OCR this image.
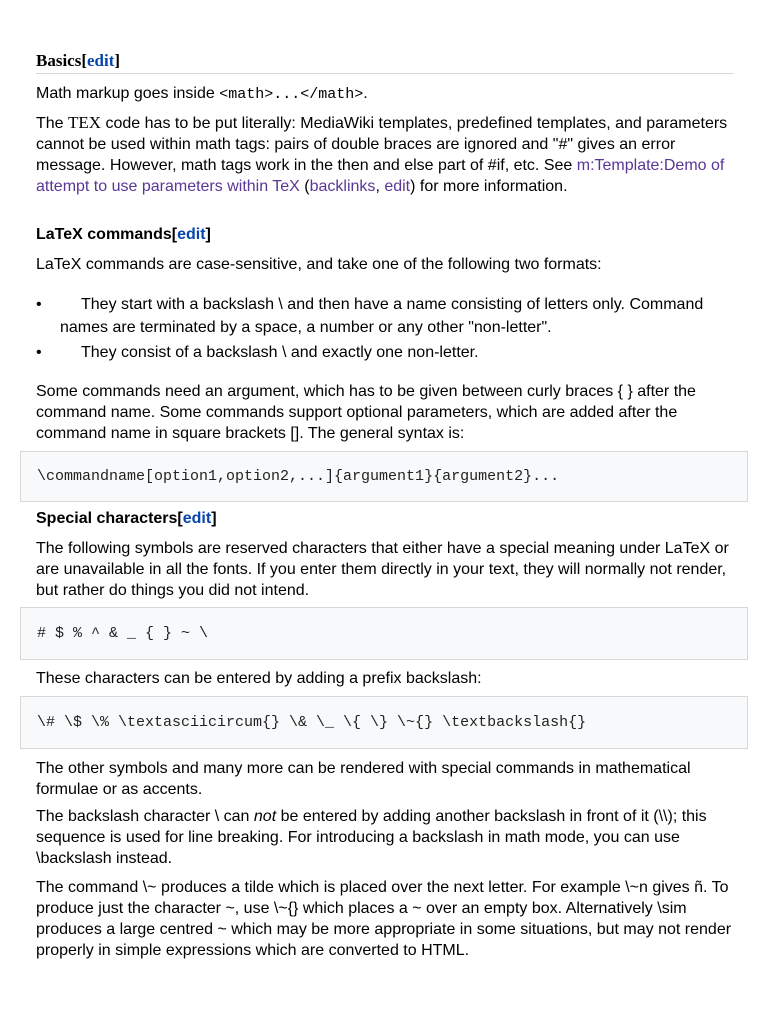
Basics[edit]

Math markup goes inside <math>...</math>.

The TEX code has to be put literally: MediaWiki templates, predefined templates, and parameters cannot be used within math tags: pairs of double braces are ignored and "#" gives an error message. However, math tags work in the then and else part of #if, etc. See m:Template:Demo of attempt to use parameters within TeX (backlinks, edit) for more information.

LaTeX commands[edit]

LaTeX commands are case-sensitive, and take one of the following two formats:

•	They start with a backslash \ and then have a name consisting of letters only. Command names are terminated by a space, a number or any other "non-letter".
•	They consist of a backslash \ and exactly one non-letter.

Some commands need an argument, which has to be given between curly braces { } after the command name. Some commands support optional parameters, which are added after the command name in square brackets []. The general syntax is:

\commandname[option1,option2,...]{argument1}{argument2}...
Special characters[edit]

The following symbols are reserved characters that either have a special meaning under LaTeX or are unavailable in all the fonts. If you enter them directly in your text, they will normally not render, but rather do things you did not intend.

# $ % ^ & _ { } ~ \

These characters can be entered by adding a prefix backslash:

\# \$ \% \textasciicircum{} \& \_ \{ \} \~{} \textbackslash{}

The other symbols and many more can be rendered with special commands in mathematical formulae or as accents.

The backslash character \ can not be entered by adding another backslash in front of it (\\); this sequence is used for line breaking. For introducing a backslash in math mode, you can use \backslash instead.

The command \~ produces a tilde which is placed over the next letter. For example \~n gives ñ. To produce just the character ~, use \~{} which places a ~ over an empty box. Alternatively \sim produces a large centred ~ which may be more appropriate in some situations, but may not render properly in simple expressions which are converted to HTML.
